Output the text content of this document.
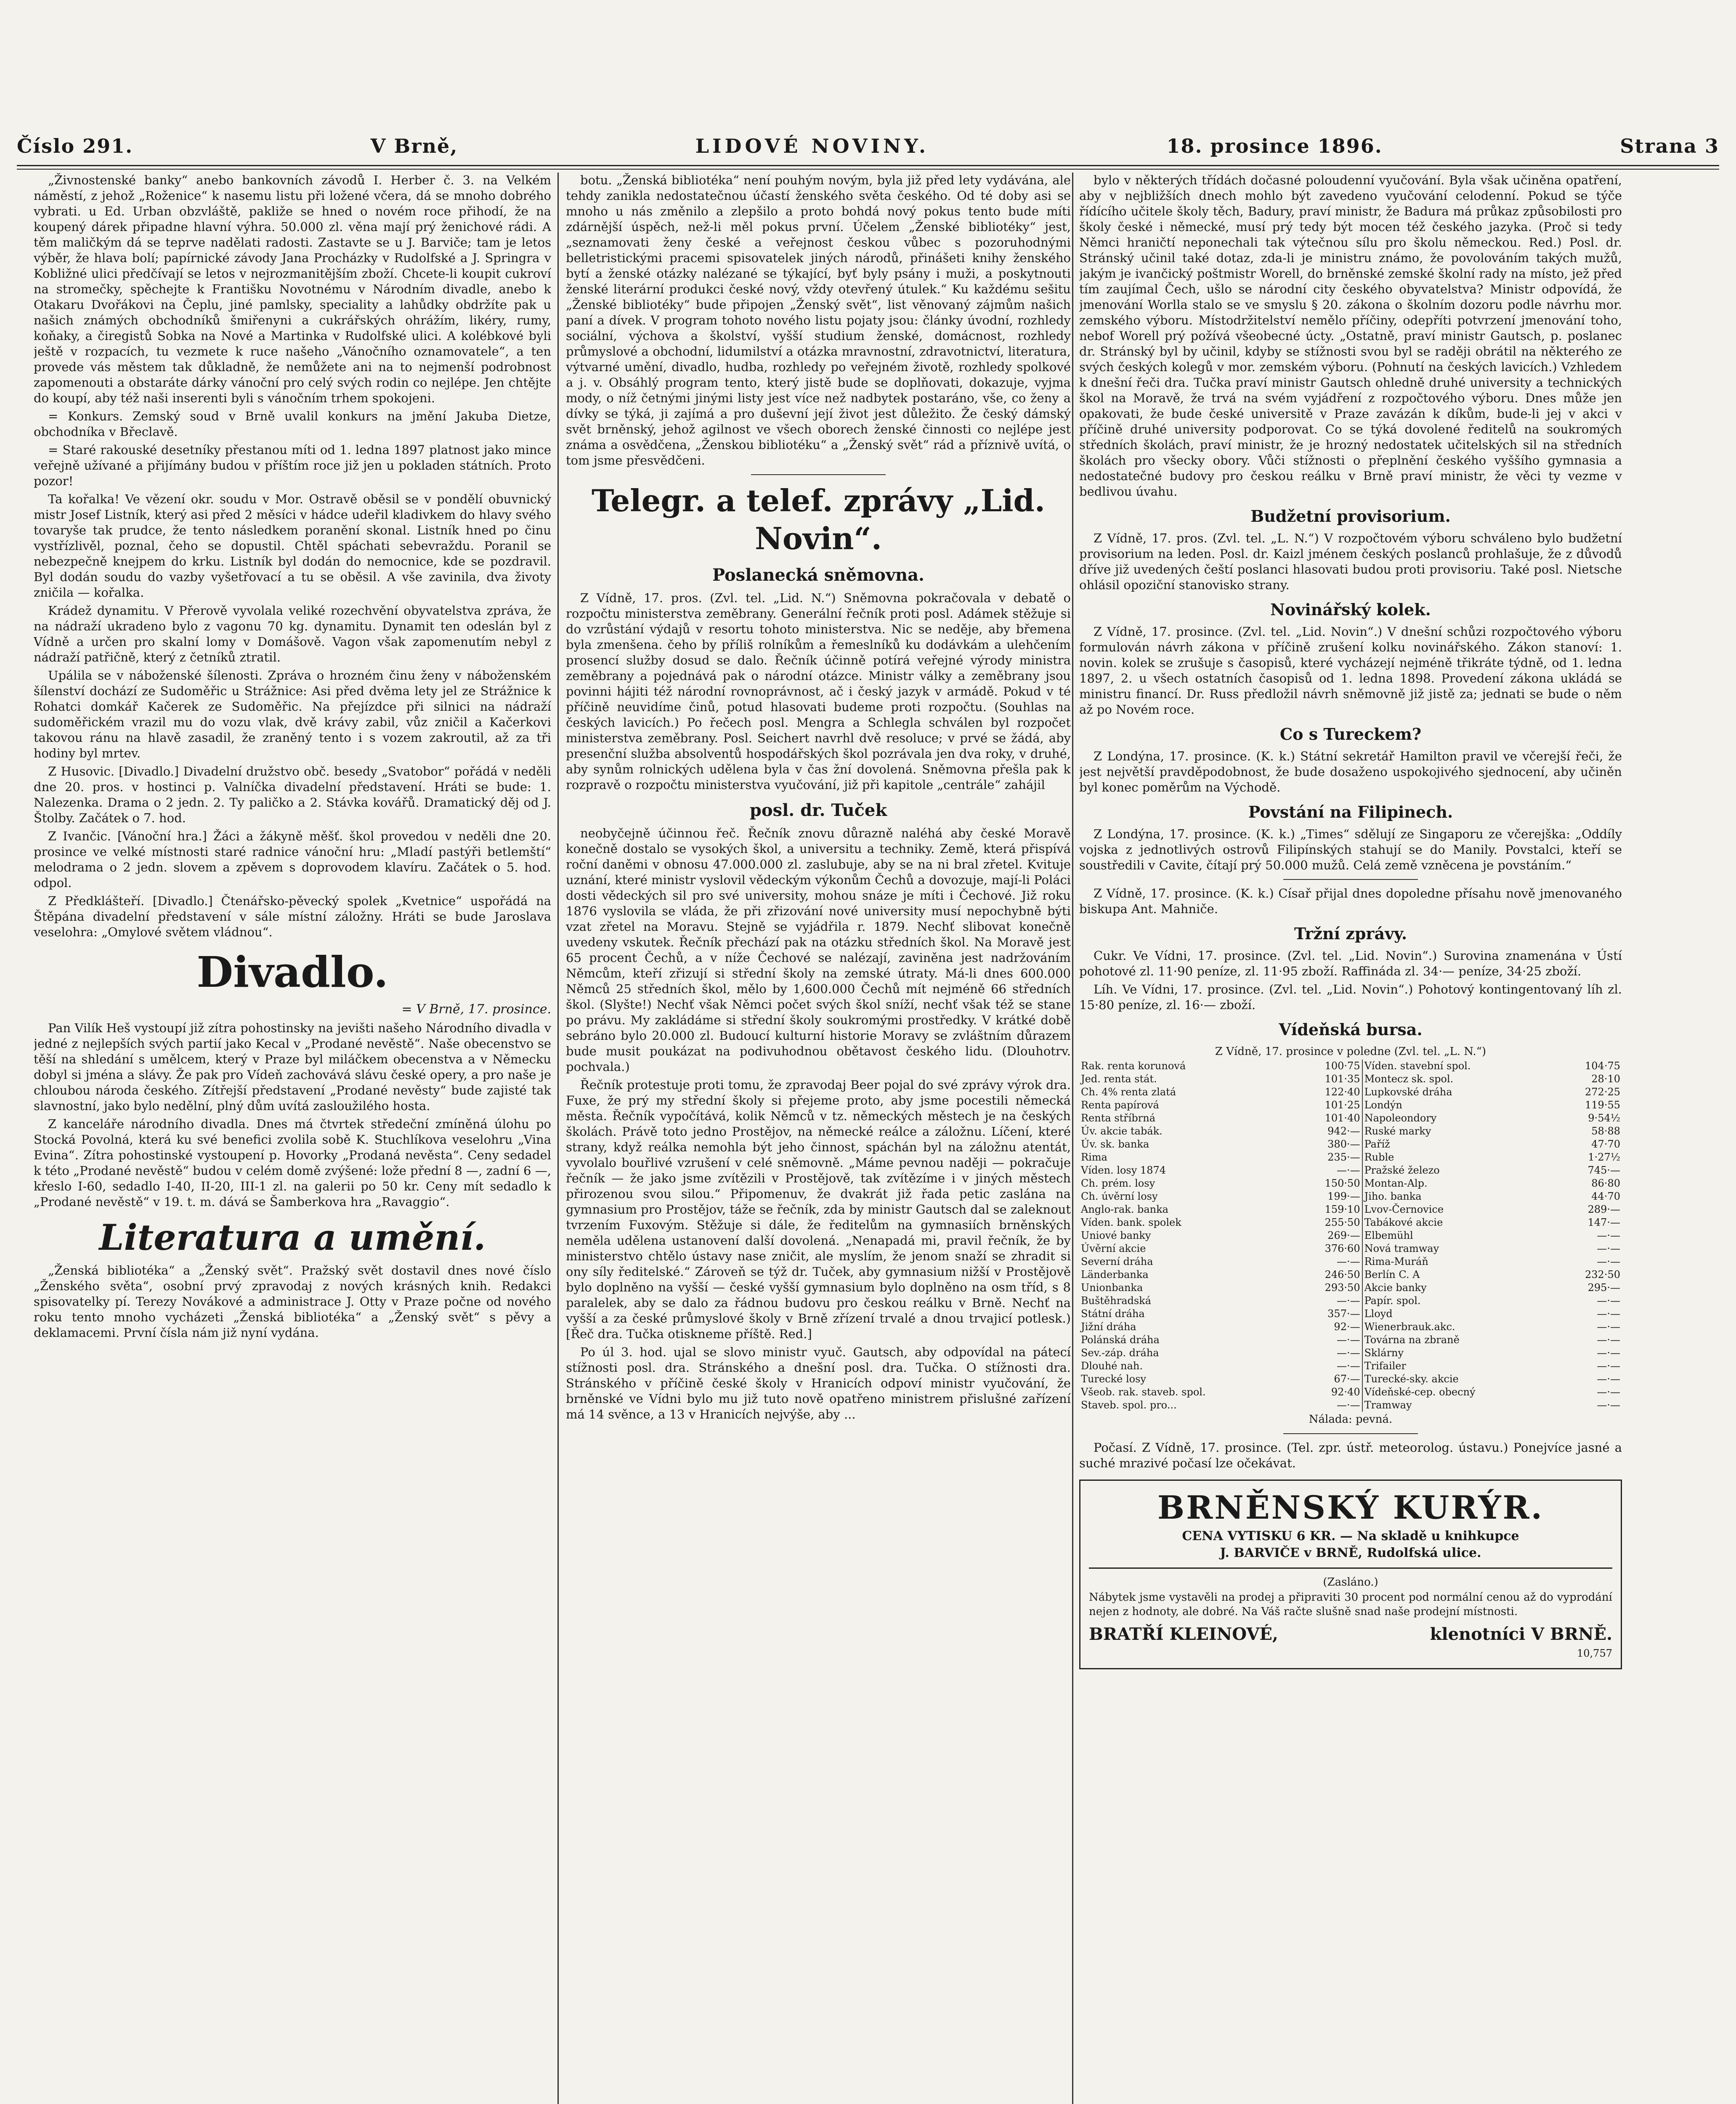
Číslo 291.	V Brně,	LIDOVÉ NOVINY.	18. prosince 1896.	Strana 3

„Živnostenské banky“ anebo bankovních závodů I. Herber č. 3. na Velkém náměstí, z jehož „Roženice“ k nasemu listu při ložené včera, dá se mnoho dobrého vybrati. u Ed. Urban obzvláště, pakliže se hned o novém roce přihodí, že na koupený dárek připadne hlavní výhra. 50.000 zl. věna mají prý ženichové rádi. A těm maličkým dá se teprve nadělati radosti. Zastavte se u J. Barviče; tam je letos výběr, že hlava bolí; papírnické závody Jana Procházky v Rudolfské a J. Springra v Kobližné ulici předčívají se letos v nejrozmanitějším zboží. Chcete-li koupit cukroví na stromečky, spěchejte k Františku Novotnému v Národním divadle, anebo k Otakaru Dvořákovi na Čeplu, jiné pamlsky, speciality a lahůdky obdržíte pak u našich známých obchodníků šmiřenyni a cukrářských ohrážím, likéry, rumy, koňaky, a čiregistů Sobka na Nové a Martinka v Rudolfské ulici. A kolébkové byli ještě v rozpacích, tu vezmete k ruce našeho „Vánočního oznamovatele“, a ten provede vás městem tak důkladně, že nemůžete ani na to nejmenší podrobnost zapomenouti a obstaráte dárky vánoční pro celý svých rodin co nejlépe. Jen chtějte do koupí, aby též naši inserenti byli s vánočním trhem spokojeni.

= Konkurs. Zemský soud v Brně uvalil konkurs na jmění Jakuba Dietze, obchodníka v Břeclavě.

= Staré rakouské desetníky přestanou míti od 1. ledna 1897 platnost jako mince veřejně užívané a přijímány budou v příštím roce již jen u pokladen státních. Proto pozor!

Ta kořalka! Ve vězení okr. soudu v Mor. Ostravě oběsil se v pondělí obuvnický mistr Josef Listník, který asi před 2 měsíci v hádce udeřil kladivkem do hlavy svého tovaryše tak prudce, že tento následkem poranění skonal. Listník hned po činu vystřízlivěl, poznal, čeho se dopustil. Chtěl spáchati sebevraždu. Poranil se nebezpečně knejpem do krku. Listník byl dodán do nemocnice, kde se pozdravil. Byl dodán soudu do vazby vyšetřovací a tu se oběsil. A vše zavinila, dva životy zničila — kořalka.

Krádež dynamitu. V Přerově vyvolala veliké rozechvění obyvatelstva zpráva, že na nádraží ukradeno bylo z vagonu 70 kg. dynamitu. Dynamit ten odeslán byl z Vídně a určen pro skalní lomy v Domášově. Vagon však zapomenutím nebyl z nádraží patřičně, který z četníků ztratil.

Upálila se v náboženské šílenosti. Zpráva o hrozném činu ženy v náboženském šílenství dochází ze Sudoměřic u Strážnice: Asi před dvěma lety jel ze Strážnice k Rohatci domkář Kačerek ze Sudoměřic. Na přejízdce při silnici na nádraží sudoměřickém vrazil mu do vozu vlak, dvě krávy zabil, vůz zničil a Kačerkovi takovou ránu na hlavě zasadil, že zraněný tento i s vozem zakroutil, až za tři hodiny byl mrtev.

Z Husovic. [Divadlo.] Divadelní družstvo obč. besedy „Svatobor“ pořádá v neděli dne 20. pros. v hostinci p. Valníčka divadelní představení. Hráti se bude: 1. Nalezenka. Drama o 2 jedn. 2. Ty paličko a 2. Stávka kovářů. Dramatický děj od J. Štolby. Začátek o 7. hod.

Z Ivančic. [Vánoční hra.] Žáci a žákyně měšť. škol provedou v neděli dne 20. prosince ve velké místnosti staré radnice vánoční hru: „Mladí pastýři betlemští“ melodrama o 2 jedn. slovem a zpěvem s doprovodem klavíru. Začátek o 5. hod. odpol.

Z Předklášteří. [Divadlo.] Čtenářsko-pěvecký spolek „Kvetnice“ uspořádá na Štěpána divadelní představení v sále místní záložny. Hráti se bude Jaroslava veselohra: „Omylové světem vládnou“.

Divadlo.
= V Brně, 17. prosince.

Pan Vilík Heš vystoupí již zítra pohostinsky na jevišti našeho Národního divadla v jedné z nejlepších svých partií jako Kecal v „Prodané nevěstě“. Naše obecenstvo se těší na shledání s umělcem, který v Praze byl miláčkem obecenstva a v Německu dobyl si jména a slávy. Že pak pro Vídeň zachovává slávu české opery, a pro naše je chloubou národa českého. Zítřejší představení „Prodané nevěsty“ bude zajisté tak slavnostní, jako bylo nedělní, plný dům uvítá zasloužilého hosta.

Z kanceláře národního divadla. Dnes má čtvrtek středeční zmíněná úlohu po Stocká Povolná, která ku své benefici zvolila sobě K. Stuchlíkova veselohru „Vina Evina“. Zítra pohostinské vystoupení p. Hovorky „Prodaná nevěsta“. Ceny sedadel k této „Prodané nevěstě“ budou v celém domě zvýšené: lože přední 8 —, zadní 6 —, křeslo I-60, sedadlo I-40, II-20, III-1 zl. na galerii po 50 kr. Ceny mít sedadlo k „Prodané nevěstě“ v 19. t. m. dává se Šamberkova hra „Ravaggio“.

Literatura a umění.

„Ženská bibliotéka“ a „Ženský svět“. Pražský svět dostavil dnes nové číslo „Ženského světa“, osobní prvý zpravodaj z nových krásných knih. Redakci spisovatelky pí. Terezy Novákové a administrace J. Otty v Praze počne od nového roku tento mnoho vycházeti „Ženská bibliotéka“ a „Ženský svět“ s pěvy a deklamacemi. První čísla nám již nyní vydána.

botu. „Ženská bibliotéka“ není pouhým novým, byla již před lety vydávána, ale tehdy zanikla nedostatečnou účastí ženského světa českého. Od té doby asi se mnoho u nás změnilo a zlepšilo a proto bohdá nový pokus tento bude míti zdárnější úspěch, než-li měl pokus první. Účelem „Ženské bibliotéky“ jest, „seznamovati ženy české a veřejnost českou vůbec s pozoruhodnými belletristickými pracemi spisovatelek jiných národů, přinášeti knihy ženského bytí a ženské otázky nalézané se týkající, byť byly psány i muži, a poskytnouti ženské literární produkci české nový, vždy otevřený útulek.“ Ku každému sešitu „Ženské bibliotéky“ bude připojen „Ženský svět“, list věnovaný zájmům našich paní a dívek. V program tohoto nového listu pojaty jsou: články úvodní, rozhledy sociální, výchova a školství, vyšší studium ženské, domácnost, rozhledy průmyslové a obchodní, lidumilství a otázka mravnostní, zdravotnictví, literatura, výtvarné umění, divadlo, hudba, rozhledy po veřejném životě, rozhledy spolkové a j. v. Obsáhlý program tento, který jistě bude se doplňovati, dokazuje, vyjma mody, o níž četnými jinými listy jest více než nadbytek postaráno, vše, co ženy a dívky se týká, ji zajímá a pro duševní její život jest důležito. Že český dámský svět brněnský, jehož agilnost ve všech oborech ženské činnosti co nejlépe jest známa a osvědčena, „Ženskou bibliotéku“ a „Ženský svět“ rád a příznivě uvítá, o tom jsme přesvědčeni.

Telegr. a telef. zprávy „Lid. Novin“.
Poslanecká sněmovna.

Z Vídně, 17. pros. (Zvl. tel. „Lid. N.“) Sněmovna pokračovala v debatě o rozpočtu ministerstva zeměbrany. Generální řečník proti posl. Adámek stěžuje si do vzrůstání výdajů v resortu tohoto ministerstva. Nic se neděje, aby břemena byla zmenšena. čeho by příliš rolníkům a řemeslníků ku dodávkám a ulehčením prosencí služby dosud se dalo. Řečník účinně potírá veřejné výrody ministra zeměbrany a pojednává pak o národní otázce. Ministr války a zeměbrany jsou povinni hájiti též národní rovnoprávnost, ač i český jazyk v armádě. Pokud v té příčině neuvidíme činů, potud hlasovati budeme proti rozpočtu. (Souhlas na českých lavicích.) Po řečech posl. Mengra a Schlegla schválen byl rozpočet ministerstva zeměbrany. Posl. Seichert navrhl dvě resoluce; v prvé se žádá, aby presenční služba absolventů hospodářských škol pozrávala jen dva roky, v druhé, aby synům rolnických udělena byla v čas žní dovolená. Sněmovna přešla pak k rozpravě o rozpočtu ministerstva vyučování, již při kapitole „centrále“ zahájil

posl. dr. Tuček

neobyčejně účinnou řeč. Řečník znovu důrazně naléhá aby české Moravě konečně dostalo se vysokých škol, a universitu a techniky. Země, která přispívá roční daněmi v obnosu 47.000.000 zl. zaslubuje, aby se na ni bral zřetel. Kvituje uznání, které ministr vyslovil vědeckým výkonům Čechů a dovozuje, mají-li Poláci dosti vědeckých sil pro své university, mohou snáze je míti i Čechové. Již roku 1876 vyslovila se vláda, že při zřizování nové university musí nepochybně býti vzat zřetel na Moravu. Stejně se vyjádřila r. 1879. Nechť slibovat konečně uvedeny vskutek. Řečník přechází pak na otázku středních škol. Na Moravě jest 65 procent Čechů, a v níže Čechové se nalézají, zaviněna jest nadržováním Němcům, kteří zřizují si střední školy na zemské útraty. Má-li dnes 600.000 Němců 25 středních škol, mělo by 1,600.000 Čechů mít nejméně 66 středních škol. (Slyšte!) Nechť však Němci počet svých škol sníží, nechť však též se stane po právu. My zakládáme si střední školy soukromými prostředky. V krátké době sebráno bylo 20.000 zl. Budoucí kulturní historie Moravy se zvláštním důrazem bude musit poukázat na podivuhodnou obětavost českého lidu. (Dlouhotrv. pochvala.)

Řečník protestuje proti tomu, že zpravodaj Beer pojal do své zprávy výrok dra. Fuxe, že prý my střední školy si přejeme proto, aby jsme pocestili německá města. Řečník vypočítává, kolik Němců v tz. německých městech je na českých školách. Právě toto jedno Prostějov, na německé reálce a záložnu. Líčení, které strany, když reálka nemohla být jeho činnost, spáchán byl na záložnu atentát, vyvolalo bouřlivé vzrušení v celé sněmovně. „Máme pevnou naději — pokračuje řečník — že jako jsme zvítězili v Prostějově, tak zvítězíme i v jiných městech přirozenou svou silou.“ Připomenuv, že dvakrát již řada petic zaslána na gymnasium pro Prostějov, táže se řečník, zda by ministr Gautsch dal se zaleknout tvrzením Fuxovým. Stěžuje si dále, že ředitelům na gymnasiích brněnských neměla udělena ustanovení další dovolená. „Nenapadá mi, pravil řečník, že by ministerstvo chtělo ústavy nase zničit, ale myslím, že jenom snaží se zhradit si ony síly ředitelské.“ Zároveň se týž dr. Tuček, aby gymnasium nižší v Prostějově bylo doplněno na vyšší — české vyšší gymnasium bylo doplněno na osm tříd, s 8 paralelek, aby se dalo za řádnou budovu pro českou reálku v Brně. Nechť na vyšší a za české průmyslové školy v Brně zřízení trvalé a dnou trvajicí potlesk.) [Řeč dra. Tučka otiskneme příště. Red.]

Po úl 3. hod. ujal se slovo ministr vyuč. Gautsch, aby odpovídal na pátecí stížnosti posl. dra. Stránského a dnešní posl. dra. Tučka. O stížnosti dra. Stránského v příčině české školy v Hranicích odpoví ministr vyučování, že brněnské ve Vídni bylo mu již tuto nově opatřeno ministrem přislušné zařízení má 14 svěnce, a 13 v Hranicích nejvýše, aby ...

bylo v některých třídách dočasné poloudenní vyučování. Byla však učiněna opatření, aby v nejbližších dnech mohlo být zavedeno vyučování celodenní. Pokud se týče řídícího učitele školy těch, Badury, praví ministr, že Badura má průkaz způsobilosti pro školy české i německé, musí prý tedy být mocen též českého jazyka. (Proč si tedy Němci hraničtí neponechali tak výtečnou sílu pro školu německou. Red.) Posl. dr. Stránský učinil také dotaz, zda-li je ministru známo, že povolováním takých mužů, jakým je ivančický poštmistr Worell, do brněnské zemské školní rady na místo, jež před tím zaujímal Čech, ušlo se národní city českého obyvatelstva? Ministr odpovídá, že jmenování Worlla stalo se ve smyslu § 20. zákona o školním dozoru podle návrhu mor. zemského výboru. Místodržitelství nemělo příčiny, odepříti potvrzení jmenování toho, nebof Worell prý požívá všeobecné úcty. „Ostatně, praví ministr Gautsch, p. poslanec dr. Stránský byl by učinil, kdyby se stížnosti svou byl se raději obrátil na některého ze svých českých kolegů v mor. zemském výboru. (Pohnutí na českých lavicích.) Vzhledem k dnešní řeči dra. Tučka praví ministr Gautsch ohledně druhé university a technických škol na Moravě, že trvá na svém vyjádření z rozpočtového výboru. Dnes může jen opakovati, že bude české universitě v Praze zavázán k díkům, bude-li jej v akci v příčině druhé university podporovat. Co se týká dovolené ředitelů na soukromých středních školách, praví ministr, že je hrozný nedostatek učitelských sil na středních školách pro všecky obory. Vůči stížnosti o přeplnění českého vyššího gymnasia a nedostatečné budovy pro českou reálku v Brně praví ministr, že věci ty vezme v bedlivou úvahu.

Budžetní provisorium.

Z Vídně, 17. pros. (Zvl. tel. „L. N.“) V rozpočtovém výboru schváleno bylo budžetní provisorium na leden. Posl. dr. Kaizl jménem českých poslanců prohlašuje, že z důvodů dříve již uvedených čeští poslanci hlasovati budou proti provisoriu. Také posl. Nietsche ohlásil opoziční stanovisko strany.

Novinářský kolek.

Z Vídně, 17. prosince. (Zvl. tel. „Lid. Novin“.) V dnešní schůzi rozpočtového výboru formulován návrh zákona v příčině zrušení kolku novinářského. Zákon stanoví: 1. novin. kolek se zrušuje s časopisů, které vycházejí nejméně třikráte týdně, od 1. ledna 1897, 2. u všech ostatních časopisů od 1. ledna 1898. Provedení zákona ukládá se ministru financí. Dr. Russ předložil návrh sněmovně již jistě za; jednati se bude o něm až po Novém roce.

Co s Tureckem?

Z Londýna, 17. prosince. (K. k.) Státní sekretář Hamilton pravil ve včerejší řeči, že jest největší pravděpodobnost, že bude dosaženo uspokojivého sjednocení, aby učiněn byl konec poměrům na Východě.

Povstání na Filipinech.

Z Londýna, 17. prosince. (K. k.) „Times“ sdělují ze Singaporu ze včerejška: „Oddíly vojska z jednotlivých ostrovů Filipínských stahují se do Manily. Povstalci, kteří se soustředili v Cavite, čítají prý 50.000 mužů. Celá země vzněcena je povstáním.“

Z Vídně, 17. prosince. (K. k.) Císař přijal dnes dopoledne přísahu nově jmenovaného biskupa Ant. Mahniče.

Tržní zprávy.

Cukr. Ve Vídni, 17. prosince. (Zvl. tel. „Lid. Novin“.) Surovina znamenána v Ústí pohotové zl. 11·90 peníze, zl. 11·95 zboží. Raffináda zl. 34·— peníze, 34·25 zboží.

Líh. Ve Vídni, 17. prosince. (Zvl. tel. „Lid. Novin“.) Pohotový kontingentovaný líh zl. 15·80 peníze, zl. 16·— zboží.

Vídeňská bursa.
Z Vídně, 17. prosince v poledne (Zvl. tel. „L. N.“)
Rak. renta korunová	100·75	Víden. stavební spol.	104·75
Jed. renta stát.	101·35	Montecz sk. spol.	28·10
Ch. 4% renta zlatá	122·40	Lupkovské dráha	272·25
Renta papírová	101·25	Londýn	119·55
Renta stříbrná	101·40	Napoleondory	9·54½
Úv. akcie tabák.	942·—	Ruské marky	58·88
Úv. sk. banka	380·—	Paříž	47·70
Rima	235·—	Ruble	1·27½
Víden. losy 1874	—·—	Pražské železo	745·—
Ch. prém. losy	150·50	Montan-Alp.	86·80
Ch. úvěrní losy	199·—	Jiho. banka	44·70
Anglo-rak. banka	159·10	Lvov-Černovice	289·—
Víden. bank. spolek	255·50	Tabákové akcie	147·—
Uniové banky	269·—	Elbemühl	—·—
Úvěrní akcie	376·60	Nová tramway	—·—
Severní dráha	—·—	Rima-Muráň	—·—
Länderbanka	246·50	Berlín C. A	232·50
Unionbanka	293·50	Akcie banky	295·—
Buštěhradská	—·—	Papír. spol.	—·—
Státní dráha	357·—	Lloyd	—·—
Jižní dráha	92·—	Wienerbrauk.akc.	—·—
Polánská dráha	—·—	Továrna na zbraně	—·—
Sev.-záp. dráha	—·—	Sklárny	—·—
Dlouhé nah.	—·—	Trifailer	—·—
Turecké losy	67·—	Turecké-sky. akcie	—·—
Všeob. rak. staveb. spol.	92·40	Vídeňské-cep. obecný	—·—
Staveb. spol. pro...	—·—	Tramway	—·—
Nálada: pevná.

Počasí. Z Vídně, 17. prosince. (Tel. zpr. ústř. meteorolog. ústavu.) Ponejvíce jasné a suché mrazivé počasí lze očekávat.

BRNĚNSKÝ KURÝR.
CENA VYTISKU 6 KR. — Na skladě u knihkupce
J. BARVIČE v BRNĚ, Rudolfská ulice.
(Zasláno.)
Nábytek jsme vystavěli na prodej a připraviti 30 procent pod normální cenou až do vyprodání nejen z hodnoty, ale dobré. Na Váš račte slušně snad naše prodejní místnosti.
BRATŘÍ KLEINOVÉ,	klenotníci V BRNĚ.
10,757
